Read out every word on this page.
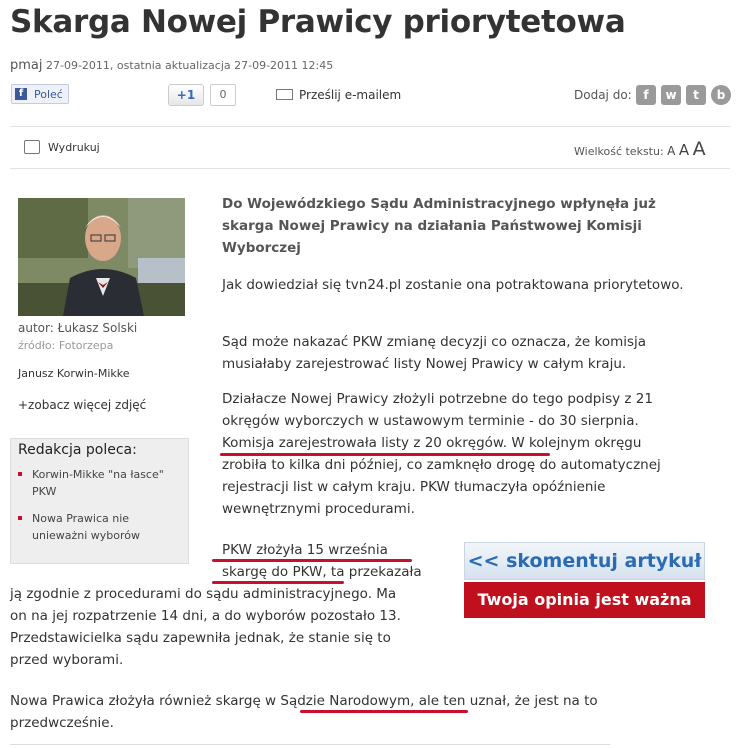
Skarga Nowej Prawicy priorytetowa
pmaj 27-09-2011, ostatnia aktualizacja 27-09-2011 12:45
f Poleć	+1	0	Prześlij e-mailem	Dodaj do: f	w	t	b
Wydrukuj	Wielkość tekstu: A A A
autor: Łukasz Solski
źródło: Fotorzepa
Janusz Korwin-Mikke
+zobacz więcej zdjęć
Redakcja poleca:
Korwin-Mikke "na łasce" PKW
Nowa Prawica nie unieważni wyborów
Do Wojewódzkiego Sądu Administracyjnego wpłynęła już skarga Nowej Prawicy na działania Państwowej Komisji Wyborczej
Jak dowiedział się tvn24.pl zostanie ona potraktowana priorytetowo.
Sąd może nakazać PKW zmianę decyzji co oznacza, że komisja musiałaby zarejestrować listy Nowej Prawicy w całym kraju.
Działacze Nowej Prawicy złożyli potrzebne do tego podpisy z 21
okręgów wyborczych w ustawowym terminie - do 30 sierpnia.
Komisja zarejestrowała listy z 20 okręgów. W kolejnym okręgu
zrobiła to kilka dni później, co zamknęło drogę do automatycznej
rejestracji list w całym kraju. PKW tłumaczyła opóźnienie
wewnętrznymi procedurami.
PKW złożyła 15 września
skargę do PKW, ta przekazała
ją zgodnie z procedurami do sądu administracyjnego. Ma
on na jej rozpatrzenie 14 dni, a do wyborów pozostało 13.
Przedstawicielka sądu zapewniła jednak, że stanie się to
przed wyborami.
<< skomentuj artykuł
Twoja opinia jest ważna
Nowa Prawica złożyła również skargę w Sądzie Narodowym, ale ten uznał, że jest na to
przedwcześnie.
